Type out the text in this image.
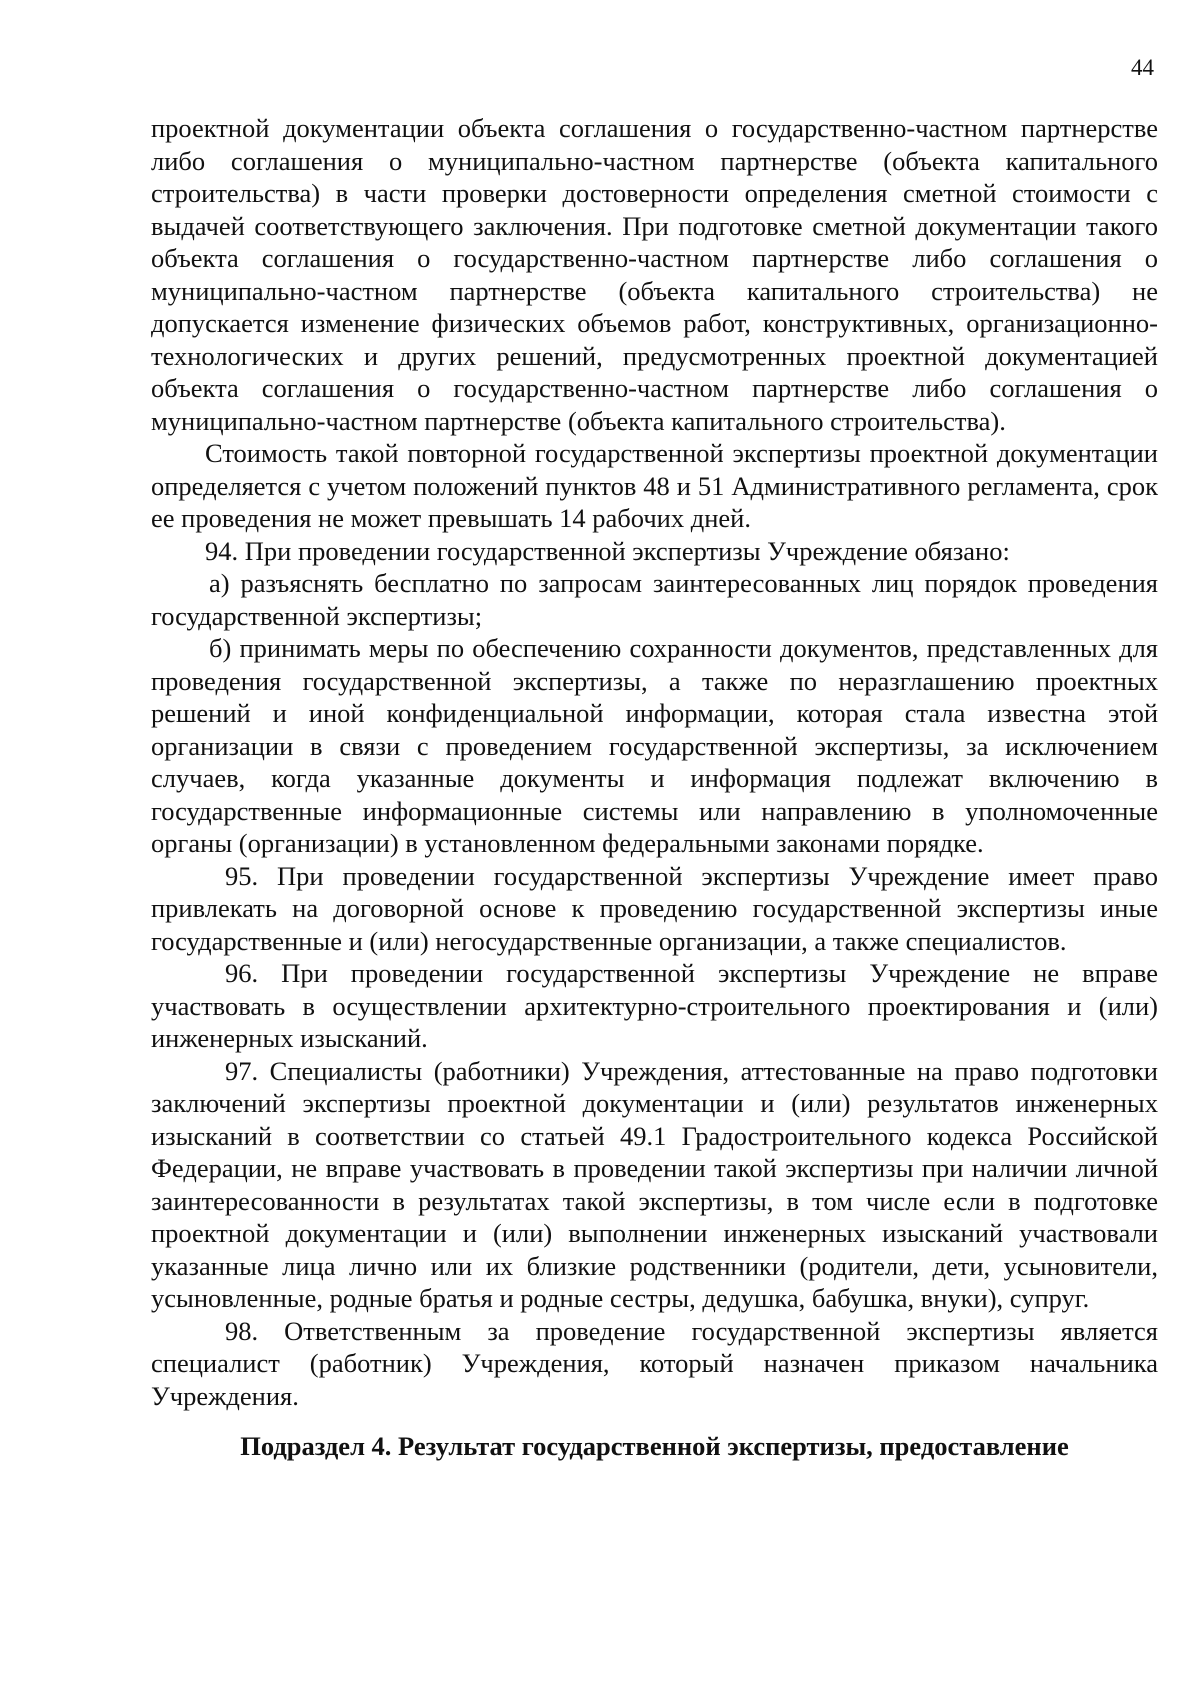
44

проектной документации объекта соглашения о государственно-частном партнерстве либо соглашения о муниципально-частном партнерстве (объекта капитального строительства) в части проверки достоверности определения сметной стоимости с выдачей соответствующего заключения. При подготовке сметной документации такого объекта соглашения о государственно-частном партнерстве либо соглашения о муниципально-частном партнерстве (объекта капитального строительства) не допускается изменение физических объемов работ, конструктивных, организационно-технологических и других решений, предусмотренных проектной документацией объекта соглашения о государственно-частном партнерстве либо соглашения о муниципально-частном партнерстве (объекта капитального строительства).

Стоимость такой повторной государственной экспертизы проектной документации определяется с учетом положений пунктов 48 и 51 Административного регламента, срок ее проведения не может превышать 14 рабочих дней.

94. При проведении государственной экспертизы Учреждение обязано:

а) разъяснять бесплатно по запросам заинтересованных лиц порядок проведения государственной экспертизы;

б) принимать меры по обеспечению сохранности документов, представленных для проведения государственной экспертизы, а также по неразглашению проектных решений и иной конфиденциальной информации, которая стала известна этой организации в связи с проведением государственной экспертизы, за исключением случаев, когда указанные документы и информация подлежат включению в государственные информационные системы или направлению в уполномоченные органы (организации) в установленном федеральными законами порядке.

95. При проведении государственной экспертизы Учреждение имеет право привлекать на договорной основе к проведению государственной экспертизы иные государственные и (или) негосударственные организации, а также специалистов.

96. При проведении государственной экспертизы Учреждение не вправе участвовать в осуществлении архитектурно-строительного проектирования и (или) инженерных изысканий.

97. Специалисты (работники) Учреждения, аттестованные на право подготовки заключений экспертизы проектной документации и (или) результатов инженерных изысканий в соответствии со статьей 49.1 Градостроительного кодекса Российской Федерации, не вправе участвовать в проведении такой экспертизы при наличии личной заинтересованности в результатах такой экспертизы, в том числе если в подготовке проектной документации и (или) выполнении инженерных изысканий участвовали указанные лица лично или их близкие родственники (родители, дети, усыновители, усыновленные, родные братья и родные сестры, дедушка, бабушка, внуки), супруг.

98. Ответственным за проведение государственной экспертизы является специалист (работник) Учреждения, который назначен приказом начальника Учреждения.

Подраздел 4. Результат государственной экспертизы, предоставление
